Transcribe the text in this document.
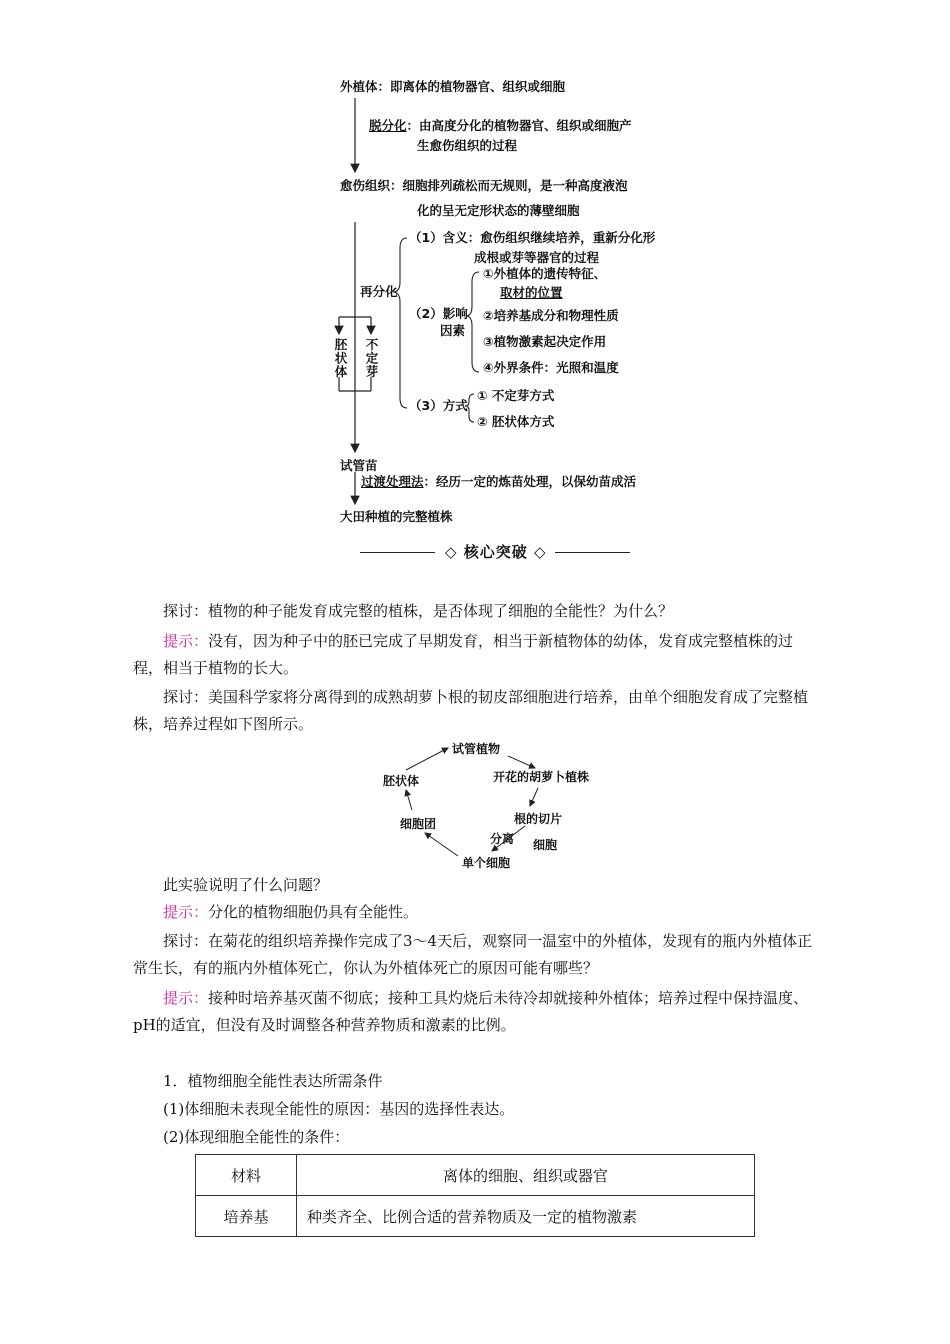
外植体：即离体的植物器官、组织或细胞
脱分化：由高度分化的植物器官、组织或细胞产
生愈伤组织的过程
愈伤组织：细胞排列疏松而无规则，是一种高度液泡
化的呈无定形状态的薄壁细胞
再分化
胚状体 不定芽
（1）含义：愈伤组织继续培养，重新分化形
成根或芽等器官的过程
（2）影响
因素
①外植体的遗传特征、
取材的位置
②培养基成分和物理性质
③植物激素起决定作用
④外界条件：光照和温度
（3）方式
① 不定芽方式
② 胚状体方式
试管苗
过渡处理法：经历一定的炼苗处理，以保幼苗成活
大田种植的完整植株
◇ 核心突破 ◇
探讨：植物的种子能发育成完整的植株，是否体现了细胞的全能性？为什么？
提示：没有，因为种子中的胚已完成了早期发育，相当于新植物体的幼体，发育成完整植株的过程，相当于植物的长大。
探讨：美国科学家将分离得到的成熟胡萝卜根的韧皮部细胞进行培养，由单个细胞发育成了完整植株，培养过程如下图所示。
试管植物
开花的胡萝卜植株
根的切片
分离 细胞
单个细胞
细胞团
胚状体
此实验说明了什么问题？
提示：分化的植物细胞仍具有全能性。
探讨：在菊花的组织培养操作完成了3～4天后，观察同一温室中的外植体，发现有的瓶内外植体正常生长，有的瓶内外植体死亡，你认为外植体死亡的原因可能有哪些？
提示：接种时培养基灭菌不彻底；接种工具灼烧后未待冷却就接种外植体；培养过程中保持温度、pH的适宜，但没有及时调整各种营养物质和激素的比例。
1．植物细胞全能性表达所需条件
(1)体细胞未表现全能性的原因：基因的选择性表达。
(2)体现细胞全能性的条件：
材料	离体的细胞、组织或器官
培养基	种类齐全、比例合适的营养物质及一定的植物激素
